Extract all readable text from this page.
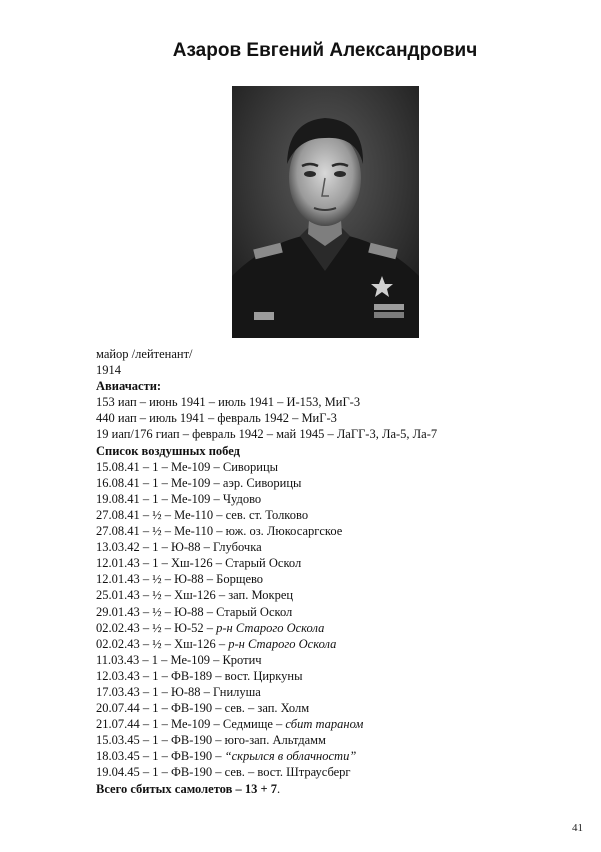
Азаров Евгений Александрович
майор /лейтенант/
1914
Авиачасти:
153 иап – июнь 1941 – июль 1941 – И-153, МиГ-3
440 иап – июль 1941 – февраль 1942 – МиГ-3
19 иап/176 гиап – февраль 1942 – май 1945 – ЛаГГ-3, Ла-5, Ла-7
Список воздушных побед
15.08.41 – 1 – Ме-109 – Сиворицы
16.08.41 – 1 – Ме-109 – аэр. Сиворицы
19.08.41 – 1 – Ме-109 – Чудово
27.08.41 – ½ – Ме-110 – сев. ст. Толково
27.08.41 – ½ – Ме-110 – юж. оз. Люкосаргское
13.03.42 – 1 – Ю-88 – Глубочка
12.01.43 – 1 – Хш-126 – Старый Оскол
12.01.43 – ½ – Ю-88 – Борщево
25.01.43 – ½ – Хш-126 – зап. Мокрец
29.01.43 – ½ – Ю-88 – Старый Оскол
02.02.43 – ½ – Ю-52 – р-н Старого Оскола
02.02.43 – ½ – Хш-126 – р-н Старого Оскола
11.03.43 – 1 – Ме-109 – Кротич
12.03.43 – 1 – ФВ-189 – вост. Циркуны
17.03.43 – 1 – Ю-88 – Гнилуша
20.07.44 – 1 – ФВ-190 – сев. – зап. Холм
21.07.44 – 1 – Ме-109 – Седмище – сбит тараном
15.03.45 – 1 – ФВ-190 – юго-зап. Альтдамм
18.03.45 – 1 – ФВ-190 – “скрылся в облачности”
19.04.45 – 1 – ФВ-190 – сев. – вост. Штраусберг
Всего сбитых самолетов – 13 + 7.
41
